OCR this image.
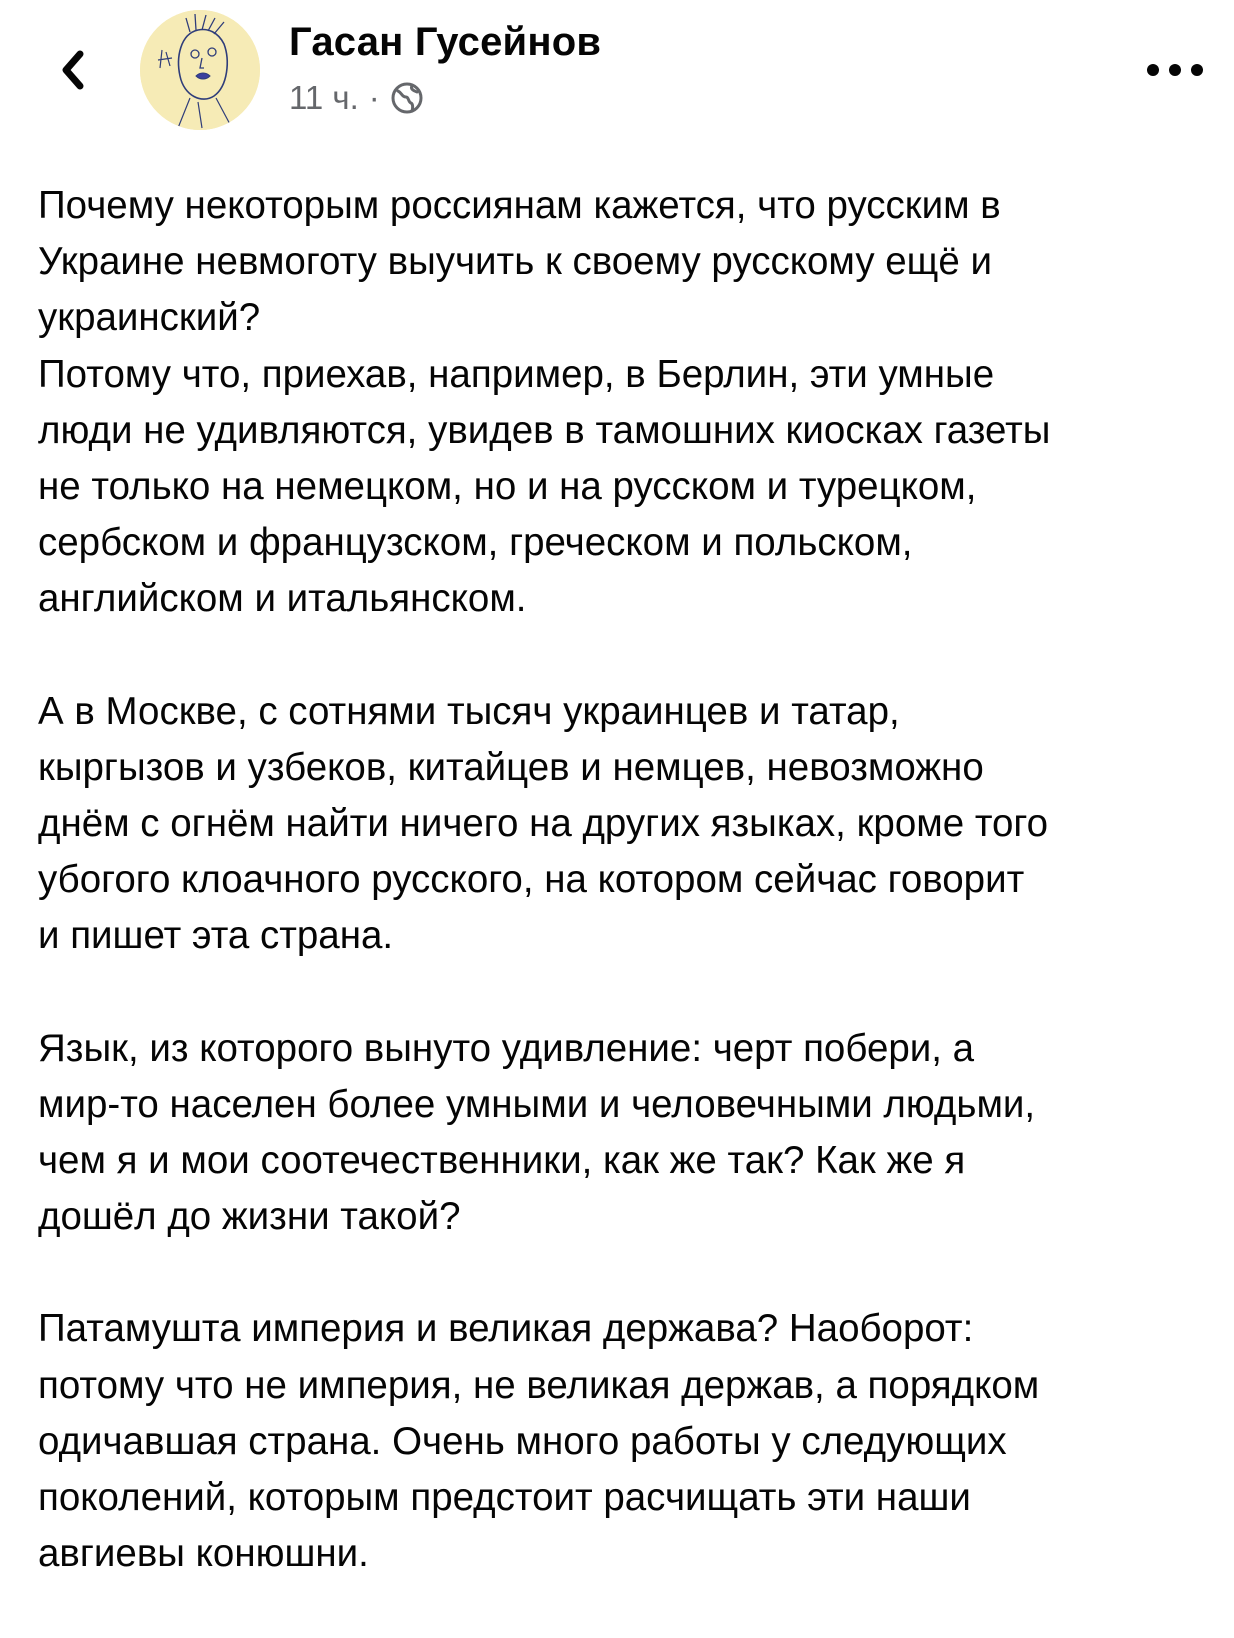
Гасан Гусейнов
11 ч. ·

Почему некоторым россиянам кажется, что русским в
Украине невмоготу выучить к своему русскому ещё и
украинский?
Потому что, приехав, например, в Берлин, эти умные
люди не удивляются, увидев в тамошних киосках газеты
не только на немецком, но и на русском и турецком,
сербском и французском, греческом и польском,
английском и итальянском.

А в Москве, с сотнями тысяч украинцев и татар,
кыргызов и узбеков, китайцев и немцев, невозможно
днём с огнём найти ничего на других языках, кроме того
убогого клоачного русского, на котором сейчас говорит
и пишет эта страна.

Язык, из которого вынуто удивление: черт побери, а
мир-то населен более умными и человечными людьми,
чем я и мои соотечественники, как же так? Как же я
дошёл до жизни такой?

Патамушта империя и великая держава? Наоборот:
потому что не империя, не великая держав, а порядком
одичавшая страна. Очень много работы у следующих
поколений, которым предстоит расчищать эти наши
авгиевы конюшни.
